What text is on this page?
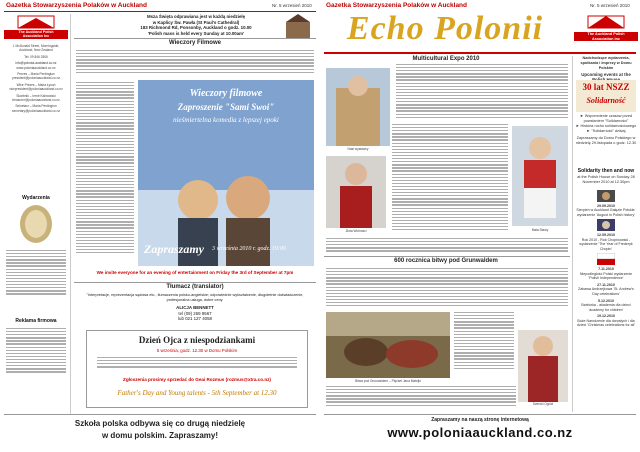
Gazetka Stowarzyszenia Polaków w Auckland	Nr. 5 wrzesień 2010
The Auckland Polish
Association Inc
1 McDonald Street, Morningside,
Auckland, New Zealand
Tel: 09 846 2806
info@polonia-auckland.co.nz
www.poloniaauckland.co.nz
Prezes – Maria Pentington
president@poloniaauckland.co.nz
Wice Prezes – Maria Łysuń
vicepresident@poloniaauckland.co.nz
Skarbnik – Irene Kalinowski
treasurer@poloniaauckland.co.nz
Sekretarz – Maria Pentington
secretary@poloniaauckland.co.nz
Wydarzenia
Reklama firmowa
Msza Święta odprawiana jest w każdą niedzielę
w Kaplicy Św. Pawła (St Paul's Cathedral)
183 Richmond Rd, Ponsonby, Auckland o godz. 10.00
'Polish mass is held every Sunday at 10.00am'
Wieczory Filmowe
Wieczory filmowe
Zaproszenie "Sami Swoi"
nieśmiertelna komedia z lepszej epoki
Zapraszamy 3 września 2010 r. godz. 19:00
We invite everyone for an evening of entertainment on Friday the 3rd of September at 7pm
Tłumacz (translator)
"Interpretacje, reprezentacja sądowa etc., tłumaczenia polsko-angielskie; odpowiednie wykształcenie, długoletnie doświadczenie, profesjonalna usługa, dobre ceny.
ALICJA BENNETT
tel (09) 269 9567
lub 021 127 4058
Dzień Ojca z niespodziankami
5 września, godz. 12.30 w Domu Polskim
Zgłoszenia prosimy sprzedać do Geai Rozmus (rozmus@xtra.co.nz)
Father's Day and Young talents - 5th September at 12.30
Szkoła polska odbywa się co drugą niedzielę
w domu polskim. Zapraszamy!
Gazetka Stowarzyszenia Polaków w Auckland	Nr. 5 wrzesień 2010
Echo Polonii	The Auckland Polish
Association Inc
Multicultural Expo 2010
Nasi wystawcy
Złota Wolności	Mała Stawy
600 rocznica bitwy pod Grunwaldem
Bitwa pod Grunwaldem – Pięćset Jana Matejki
Szeroki Ogród
Nadchodzące wydarzenia, spotkania i imprezy w Domu Polskim
Upcoming events at the
30 lat NSZZ
Solidarność
► Wspomnienie czasów przed powstaniem "Solidarności"
► Historia ruchu solidarnościowego
► "Solidarność" dzisiaj
Zapraszamy do Domu Polskiego w niedzielę 29.listopada o godz. 12.30
Solidarity then and now
at the Polish House on Sunday 28 November 2010 at 12.30pm
29.09.2010
Sierpień w Auckland Gałęzie Polskie: wydarzenie 'August in Polish history'
12.09.2010
Rok 2010 - Rok Chopinowski - wydarzenie 'The Year of Frederyk Chopin'
7.11.2010
Niepodległość Polski wydarzenie 'Polish Independence'
27.11.2010
Zabawa Andrzejkowa 'St. Andrew's Day celebrations'
5.12.2010
Barbórka - akademia dla dzieci 'academy for children'
19.12.2010
Boże Narodzenie dla dorosłych i dla dzieci 'Christmas celebrations for all'
Zapraszamy na naszą stronę internetową
www.poloniaauckland.co.nz
